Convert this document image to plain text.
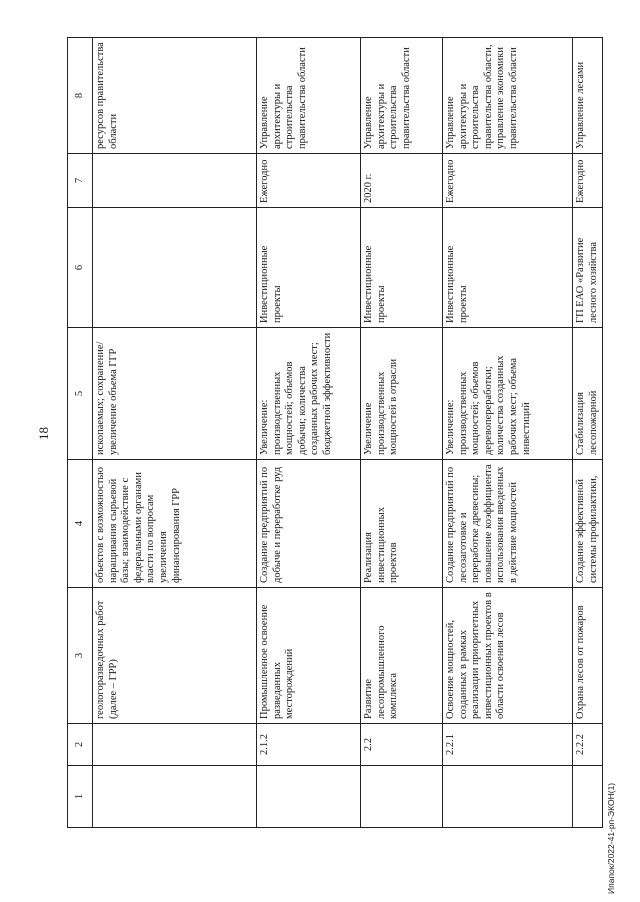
18
1	2	3	4	5	6	7	8
		геологоразведочных работ (далее – ГРР)	объектов с возможностью наращивания сырьевой базы; взаимодействие с федеральными органами власти по вопросам увеличения финансирования ГРР	ископаемых; сохранение/увеличение объема ГГР			ресурсов правительства области
	2.1.2	Промышленное освоение разведанных месторождений	Создание предприятий по добыче и переработке руд	Увеличение: производственных мощностей; объемов добычи; количества созданных рабочих мест; бюджетной эффективности	Инвестиционные проекты	Ежегодно	Управление архитектуры и строительства правительства области
	2.2	Развитие лесопромышленного комплекса	Реализация инвестиционных проектов	Увеличение производственных мощностей в отрасли	Инвестиционные проекты	2020 г.	Управление архитектуры и строительства правительства области
	2.2.1	Освоение мощностей, созданных в рамках реализации приоритетных инвестиционных проектов в области освоения лесов	Создание предприятий по лесозаготовке и переработке древесины; повышение коэффициента использования введенных в действие мощностей	Увеличение: производственных мощностей; объемов деревопереработки; количества созданных рабочих мест; объема инвестиций	Инвестиционные проекты	Ежегодно	Управление архитектуры и строительства правительства области, управление экономики правительства области
	2.2.2	Охрана лесов от пожаров	Создание эффективной системы профилактики,	Стабилизация лесопожарной	ГП ЕАО «Развитие лесного хозяйства	Ежегодно	Управление лесами
Ипапок/2022-41-рп-ЭКОН(1)
